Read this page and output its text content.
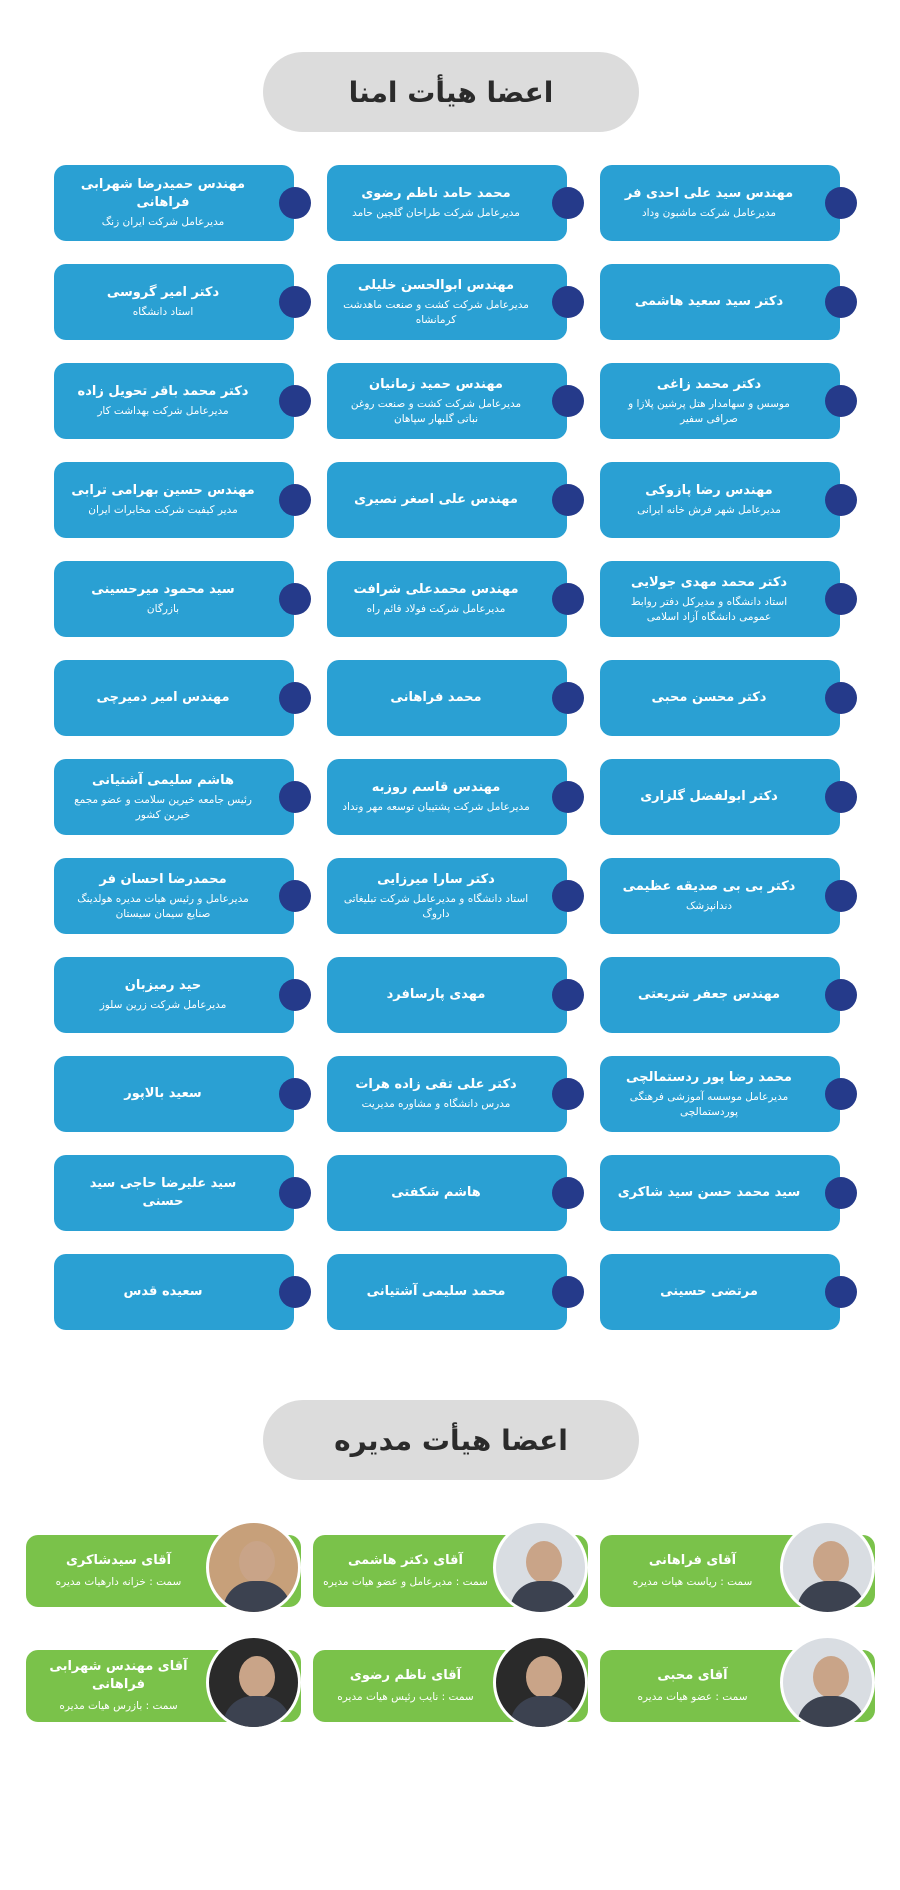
اعضا هیأت امنا
مهندس سید علی احدی فر
مدیرعامل شرکت ماشبون وداد
محمد حامد ناظم رضوی
مدیرعامل شرکت طراحان گلچین حامد
مهندس حمیدرضا شهرابی فراهانی
مدیرعامل شرکت ایران زنگ
دکتر سید سعید هاشمی
مهندس ابوالحسن خلیلی
مدیرعامل شرکت کشت و صنعت ماهدشت کرمانشاه
دکتر امیر گروسی
استاد دانشگاه
دکتر محمد زاغی
موسس و سهامدار هتل پرشین پلازا و صرافی سفیر
مهندس حمید زمانیان
مدیرعامل شرکت کشت و صنعت روغن نباتی گلبهار سپاهان
دکتر محمد باقر تحویل زاده
مدیرعامل شرکت بهداشت کار
مهندس رضا پازوکی
مدیرعامل شهر فرش خانه ایرانی
مهندس علی اصغر نصیری
مهندس حسین بهرامی ترابی
مدیر کیفیت شرکت مخابرات ایران
دکتر محمد مهدی جولایی
استاد دانشگاه و مدیرکل دفتر روابط عمومی دانشگاه آزاد اسلامی
مهندس محمدعلی شرافت
مدیرعامل شرکت فولاد قائم راه
سید محمود میرحسینی
بازرگان
دکتر محسن محبی
محمد فراهانی
مهندس امیر دمیرچی
دکتر ابولفضل گلزاری
مهندس قاسم روزبه
مدیرعامل شرکت پشتیبان توسعه مهر ونداد
هاشم سلیمی آشتیانی
رئیس جامعه خیرین سلامت و عضو مجمع خیرین کشور
دکتر بی بی صدیقه عظیمی
دندانپزشک
دکتر سارا میرزایی
استاد دانشگاه و مدیرعامل شرکت تبلیغاتی داروگ
محمدرضا احسان فر
مدیرعامل و رئیس هیات مدیره هولدینگ صنایع سیمان سیستان
مهندس جعفر شریعتی
مهدی پارسافرد
حید رمیزبان
مدیرعامل شرکت زرین سلوز
محمد رضا پور ردستمالچی
مدیرعامل موسسه آموزشی فرهنگی پوردستمالچی
دکتر علی تقی زاده هرات
مدرس دانشگاه و مشاوره مدیریت
سعید بالاپور
سید محمد حسن سید شاکری
هاشم شکفتی
سید علیرضا حاجی سید حسنی
مرتضی حسینی
محمد سلیمی آشتیانی
سعیده قدس
اعضا هیأت مدیره
آقای فراهانی
سمت : ریاست هیات مدیره
آقای دکتر هاشمی
سمت : مدیرعامل و عضو هیات مدیره
آقای سیدشاکری
سمت : خزانه دارهیات مدیره
آقای محبی
سمت : عضو هیات مدیره
آقای ناظم رضوی
سمت : نایب رئیس هیات مدیره
آقای مهندس شهرابی فراهانی
سمت : بازرس هیات مدیره
